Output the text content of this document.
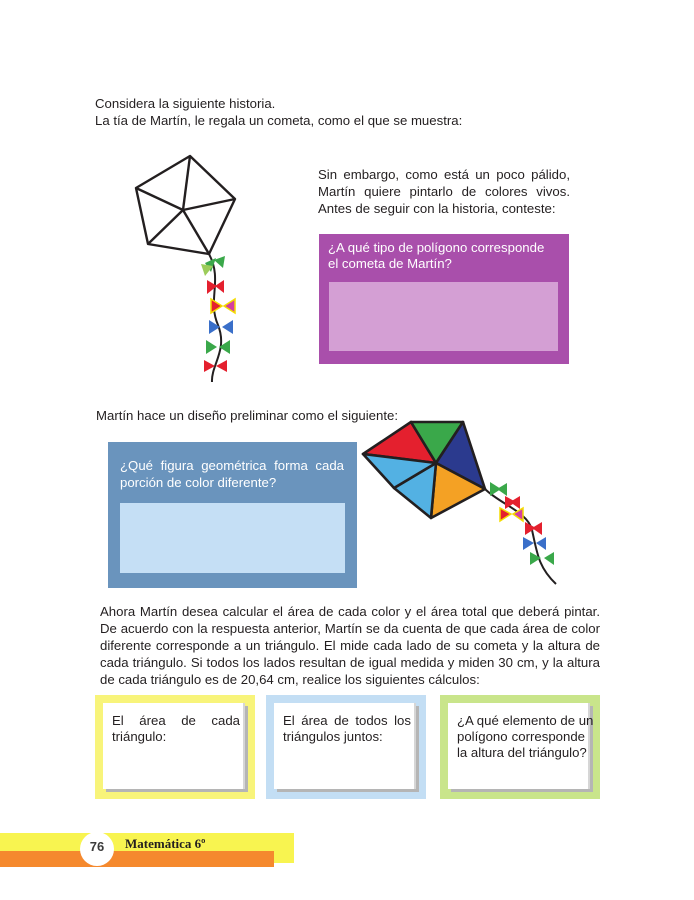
Considera la siguiente historia.
La tía de Martín, le regala un cometa, como el que se muestra:
Sin embargo, como está un poco pálido,
Martín quiere pintarlo de colores vivos.
Antes de seguir con la historia, conteste:
¿A qué tipo de polígono corresponde
el cometa de Martín?
Martín hace un diseño preliminar como el siguiente:
¿Qué figura geométrica forma cada
porción de color diferente?
Ahora Martín desea calcular el área de cada color y el área total que deberá pintar.
De acuerdo con la respuesta anterior, Martín se da cuenta de que cada área de color
diferente corresponde a un triángulo. El mide cada lado de su cometa y la altura de
cada triángulo. Si todos los lados resultan de igual medida y miden 30 cm, y la altura
de cada triángulo es de 20,64 cm, realice los siguientes cálculos:
El área de cada
triángulo:
El área de todos los
triángulos juntos:
¿A qué elemento de un
polígono corresponde
la altura del triángulo?
76	Matemática 6º
